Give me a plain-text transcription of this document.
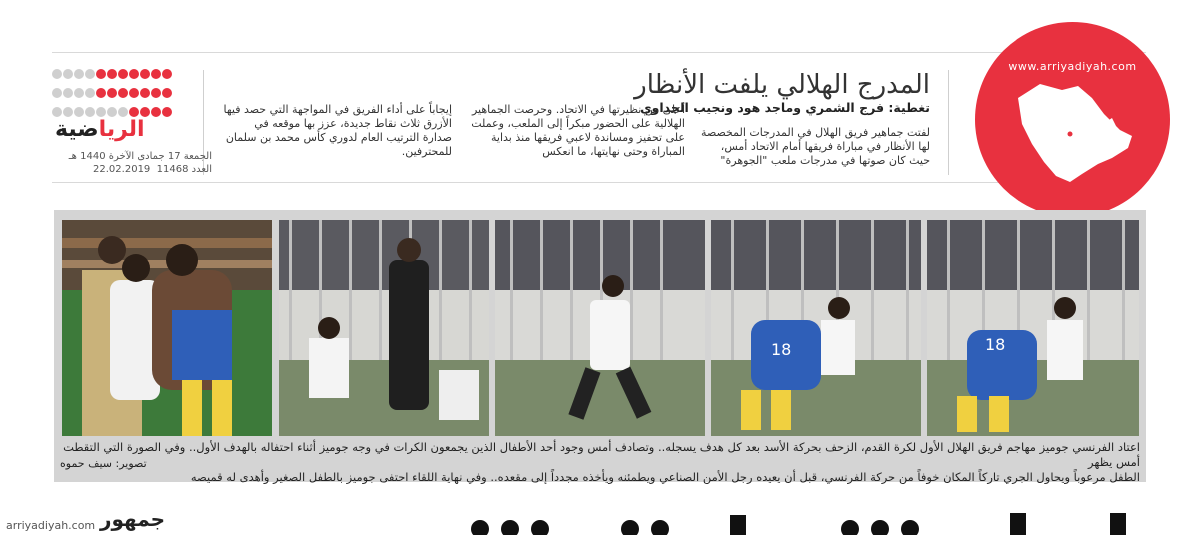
www.arriyadiyah.com
المدرج الهلالي يلفت الأنظار
تغطية: فرج الشمري وماجد هود ونجيب الجداوي
لفتت جماهير فريق الهلال في المدرجات المخصصة لها الأنظار في مباراة فريقها أمام الاتحاد أمس، حيث كان صوتها في مدرجات ملعب "الجوهرة"
أعلى من نظيرتها في الاتحاد. وحرصت الجماهير الهلالية على الحضور مبكراً إلى الملعب، وعملت على تحفيز ومساندة لاعبي فريقها منذ بداية المباراة وحتى نهايتها، ما انعكس
إيجاباً على أداء الفريق في المواجهة التي حصد فيها الأزرق ثلاث نقاط جديدة، عزز بها موقعه في صدارة الترتيب العام لدوري كأس محمد بن سلمان للمحترفين.
الرياضية
الجمعة 17 جمادى الآخرة 1440 هـ
العدد 11468  22.02.2019
18	18
اعتاد الفرنسي جوميز مهاجم فريق الهلال الأول لكرة القدم، الزحف بحركة الأسد بعد كل هدف يسجله.. وتصادف أمس وجود أحد الأطفال الذين يجمعون الكرات في وجه جوميز أثناء احتفاله بالهدف الأول.. وفي الصورة التي التقطت أمس يظهر
الطفل مرعوباً ويحاول الجري تاركاً المكان خوفاً من حركة الفرنسي، قبل أن يعيده رجل الأمن الصناعي ويطمئنه ويأخذه مجدداً إلى مقعده.. وفي نهاية اللقاء احتفى جوميز بالطفل الصغير وأهدى له قميصه
تصوير: سيف حموه
arriyadiyah.com جمهور
